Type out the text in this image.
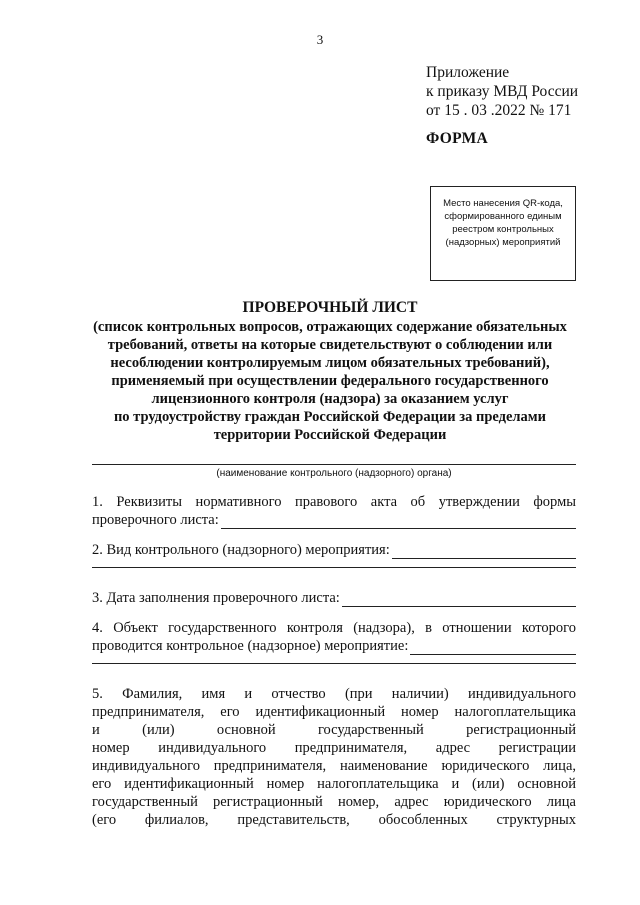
3
Приложение
к приказу МВД России
от 15 . 03 .2022 № 171
ФОРМА
Место нанесения QR-кода, сформированного единым реестром контрольных (надзорных) мероприятий
ПРОВЕРОЧНЫЙ ЛИСТ
(список контрольных вопросов, отражающих содержание обязательных
требований, ответы на которые свидетельствуют о соблюдении или
несоблюдении контролируемым лицом обязательных требований),
применяемый при осуществлении федерального государственного
лицензионного контроля (надзора) за оказанием услуг
по трудоустройству граждан Российской Федерации за пределами
территории Российской Федерации
(наименование контрольного (надзорного) органа)
1. Реквизиты нормативного правового акта об утверждении формы
проверочного листа:
2. Вид контрольного (надзорного) мероприятия:
3. Дата заполнения проверочного листа:
4. Объект государственного контроля (надзора), в отношении которого
проводится контрольное (надзорное) мероприятие:
5. Фамилия, имя и отчество (при наличии) индивидуального
предпринимателя, его идентификационный номер налогоплательщика
и (или) основной государственный регистрационный
номер индивидуального предпринимателя, адрес регистрации
индивидуального предпринимателя, наименование юридического лица,
его идентификационный номер налогоплательщика и (или) основной
государственный регистрационный номер, адрес юридического лица
(его филиалов, представительств, обособленных структурных
